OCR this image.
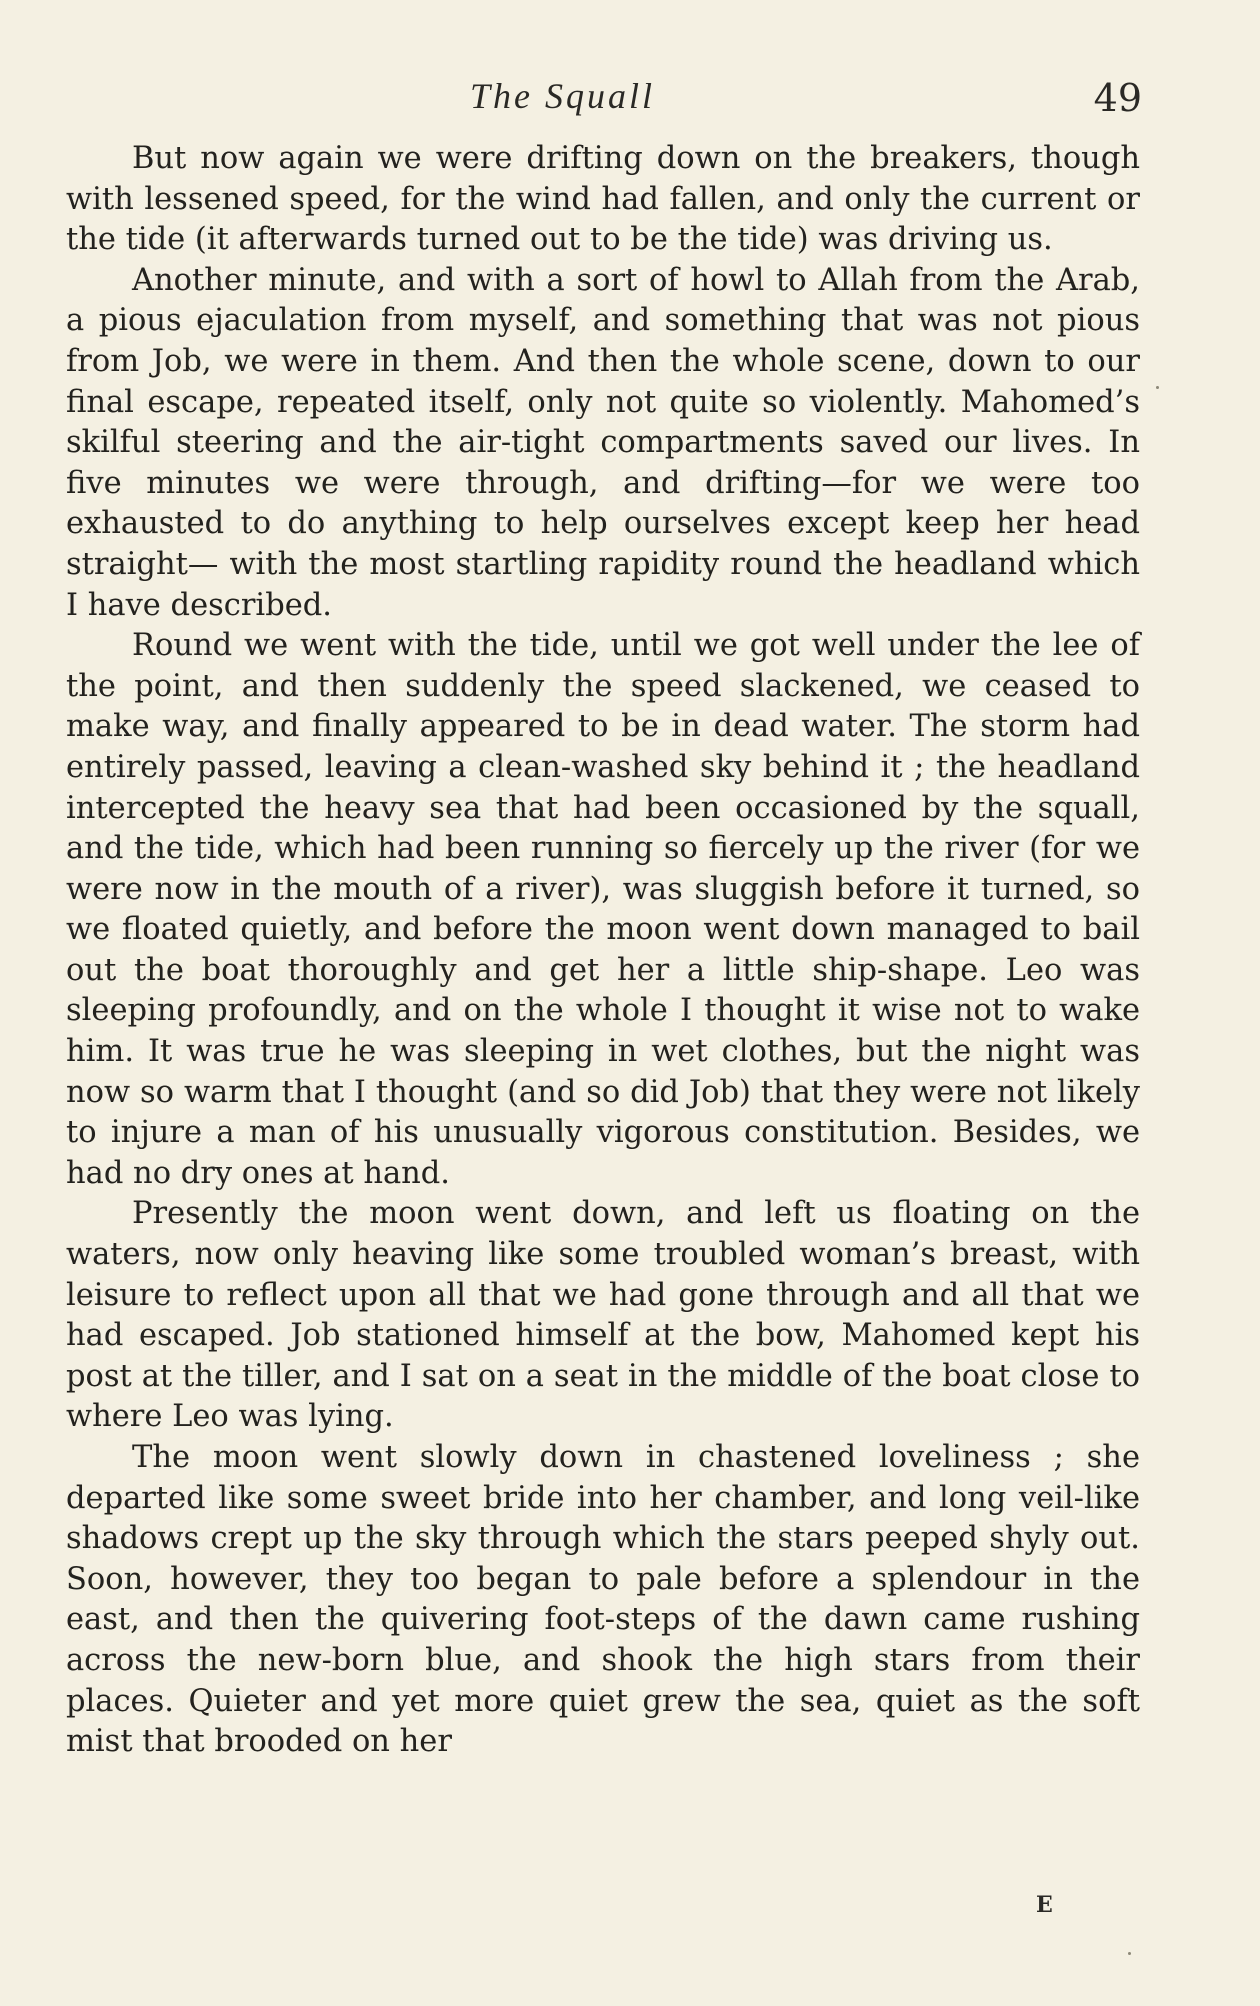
The Squall	49

But now again we were drifting down on the breakers, though with lessened speed, for the wind had fallen, and only the current or the tide (it afterwards turned out to be the tide) was driving us.

Another minute, and with a sort of howl to Allah from the Arab, a pious ejaculation from myself, and something that was not pious from Job, we were in them. And then the whole scene, down to our final escape, repeated itself, only not quite so violently. Mahomed’s skilful steering and the air-tight compartments saved our lives. In five minutes we were through, and drifting—for we were too exhausted to do anything to help ourselves except keep her head straight— with the most startling rapidity round the headland which I have described.

Round we went with the tide, until we got well under the lee of the point, and then suddenly the speed slackened, we ceased to make way, and finally appeared to be in dead water. The storm had entirely passed, leaving a clean-washed sky behind it ; the headland intercepted the heavy sea that had been occasioned by the squall, and the tide, which had been running so fiercely up the river (for we were now in the mouth of a river), was sluggish before it turned, so we floated quietly, and before the moon went down managed to bail out the boat thoroughly and get her a little ship-shape. Leo was sleeping profoundly, and on the whole I thought it wise not to wake him. It was true he was sleeping in wet clothes, but the night was now so warm that I thought (and so did Job) that they were not likely to injure a man of his unusually vigorous constitution. Besides, we had no dry ones at hand.

Presently the moon went down, and left us floating on the waters, now only heaving like some troubled woman’s breast, with leisure to reflect upon all that we had gone through and all that we had escaped. Job stationed himself at the bow, Mahomed kept his post at the tiller, and I sat on a seat in the middle of the boat close to where Leo was lying.

The moon went slowly down in chastened loveliness ; she departed like some sweet bride into her chamber, and long veil-like shadows crept up the sky through which the stars peeped shyly out. Soon, however, they too began to pale before a splendour in the east, and then the quivering foot-steps of the dawn came rushing across the new-born blue, and shook the high stars from their places. Quieter and yet more quiet grew the sea, quiet as the soft mist that brooded on her

E
